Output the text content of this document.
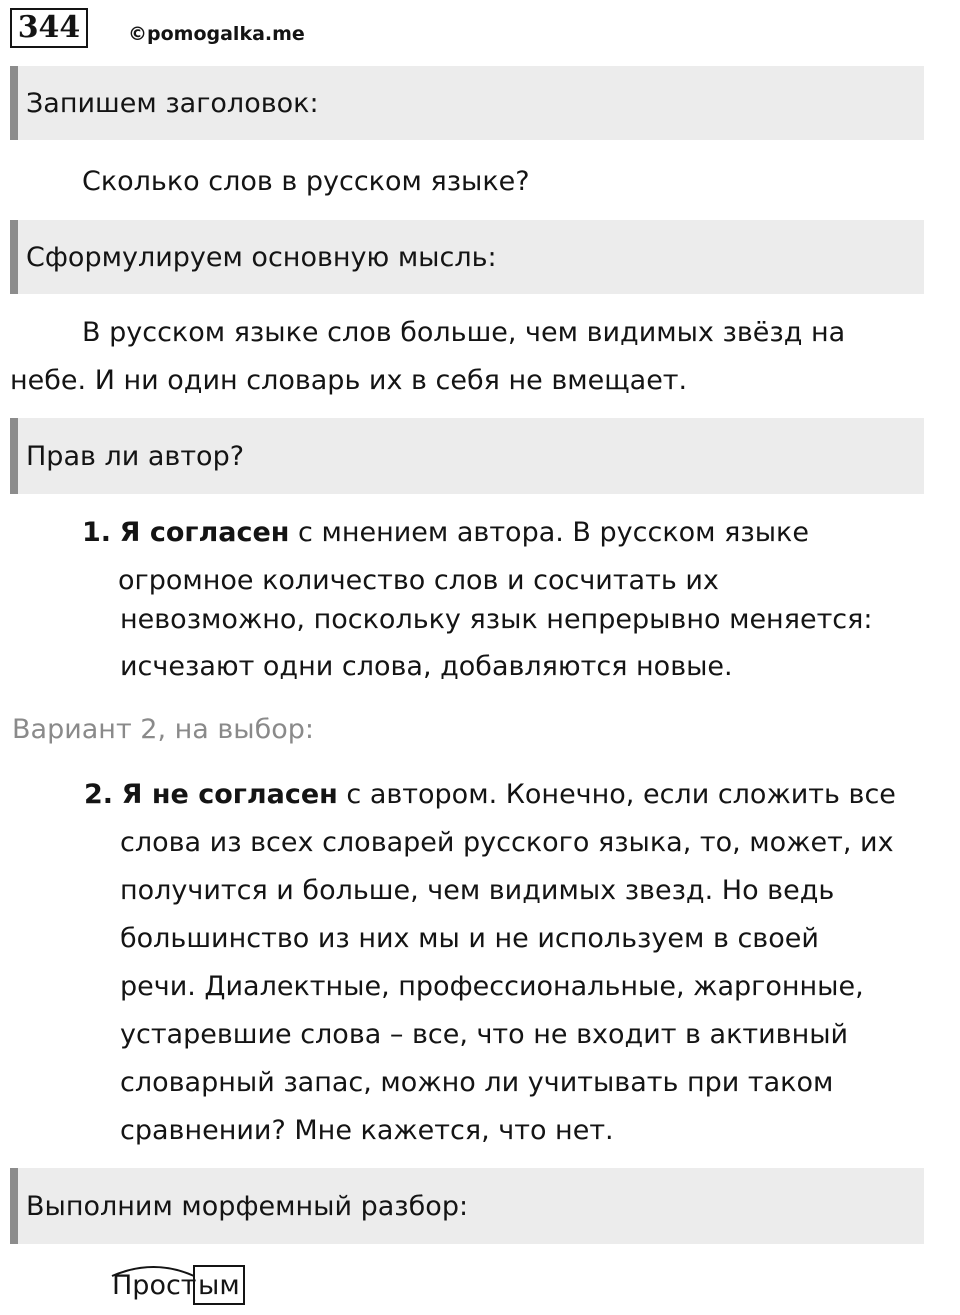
344	©pomogalka.me
Запишем заголовок:
Сколько слов в русском языке?
Сформулируем основную мысль:
В русском языке слов больше, чем видимых звёзд на
небе. И ни один словарь их в себя не вмещает.
Прав ли автор?
1. Я согласен с мнением автора. В русском языке
огромное количество слов и сосчитать их
невозможно, поскольку язык непрерывно меняется:
исчезают одни слова, добавляются новые.
Вариант 2, на выбор:
2. Я не согласен с автором. Конечно, если сложить все
слова из всех словарей русского языка, то, может, их
получится и больше, чем видимых звезд. Но ведь
большинство из них мы и не используем в своей
речи. Диалектные, профессиональные, жаргонные,
устаревшие слова – все, что не входит в активный
словарный запас, можно ли учитывать при таком
сравнении? Мне кажется, что нет.
Выполним морфемный разбор:
Прост ым
